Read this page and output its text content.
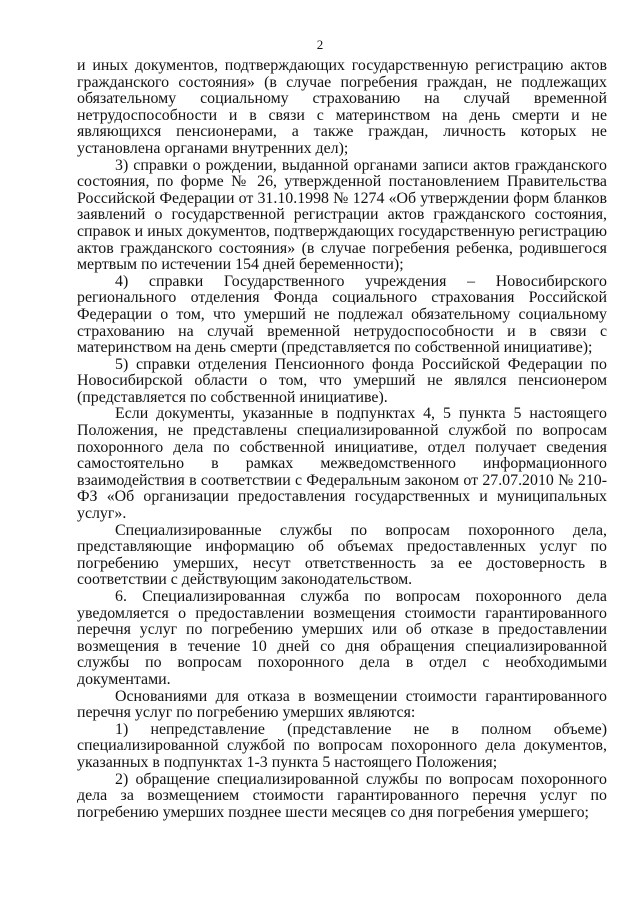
2

и иных документов, подтверждающих государственную регистрацию актов гражданского состояния» (в случае погребения граждан, не подлежащих обязательному социальному страхованию на случай временной нетрудоспособности и в связи с материнством на день смерти и не являющихся пенсионерами, а также граждан, личность которых не установлена органами внутренних дел);

3) справки о рождении, выданной органами записи актов гражданского состояния, по форме № 26, утвержденной постановлением Правительства Российской Федерации от 31.10.1998 № 1274 «Об утверждении форм бланков заявлений о государственной регистрации актов гражданского состояния, справок и иных документов, подтверждающих государственную регистрацию актов гражданского состояния» (в случае погребения ребенка, родившегося мертвым по истечении 154 дней беременности);

4) справки Государственного учреждения – Новосибирского регионального отделения Фонда социального страхования Российской Федерации о том, что умерший не подлежал обязательному социальному страхованию на случай временной нетрудоспособности и в связи с материнством на день смерти (представляется по собственной инициативе);

5) справки отделения Пенсионного фонда Российской Федерации по Новосибирской области о том, что умерший не являлся пенсионером (представляется по собственной инициативе).

Если документы, указанные в подпунктах 4, 5 пункта 5 настоящего Положения, не представлены специализированной службой по вопросам похоронного дела по собственной инициативе, отдел получает сведения самостоятельно в рамках межведомственного информационного взаимодействия в соответствии с Федеральным законом от 27.07.2010 № 210-ФЗ «Об организации предоставления государственных и муниципальных услуг».

Специализированные службы по вопросам похоронного дела, представляющие информацию об объемах предоставленных услуг по погребению умерших, несут ответственность за ее достоверность в соответствии с действующим законодательством.

6. Специализированная служба по вопросам похоронного дела уведомляется о предоставлении возмещения стоимости гарантированного перечня услуг по погребению умерших или об отказе в предоставлении возмещения в течение 10 дней со дня обращения специализированной службы по вопросам похоронного дела в отдел с необходимыми документами.

Основаниями для отказа в возмещении стоимости гарантированного перечня услуг по погребению умерших являются:

1) непредставление (представление не в полном объеме) специализированной службой по вопросам похоронного дела документов, указанных в подпунктах 1-3 пункта 5 настоящего Положения;

2) обращение специализированной службы по вопросам похоронного дела за возмещением стоимости гарантированного перечня услуг по погребению умерших позднее шести месяцев со дня погребения умершего;
